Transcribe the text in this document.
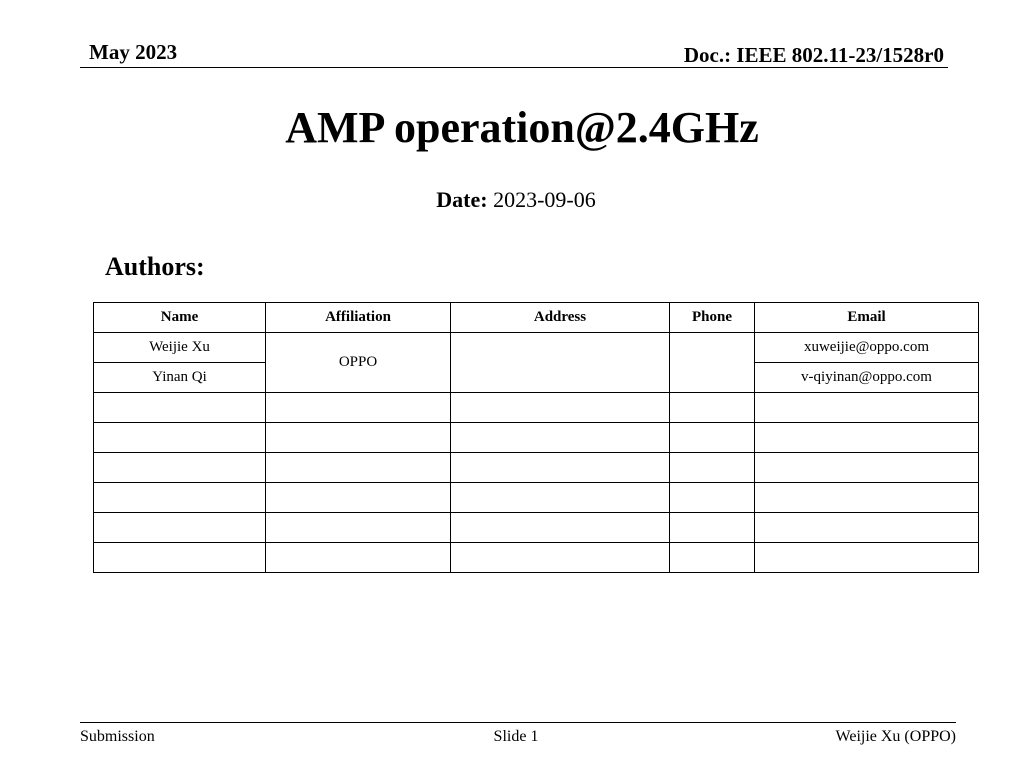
May 2023	Doc.: IEEE 802.11-23/1528r0
AMP operation@2.4GHz
Date: 2023-09-06
Authors:
Name	Affiliation	Address	Phone	Email
Weijie Xu	OPPO			xuweijie@oppo.com
Yinan Qi				v-qiyinan@oppo.com

Submission	Slide 1	Weijie Xu (OPPO)
